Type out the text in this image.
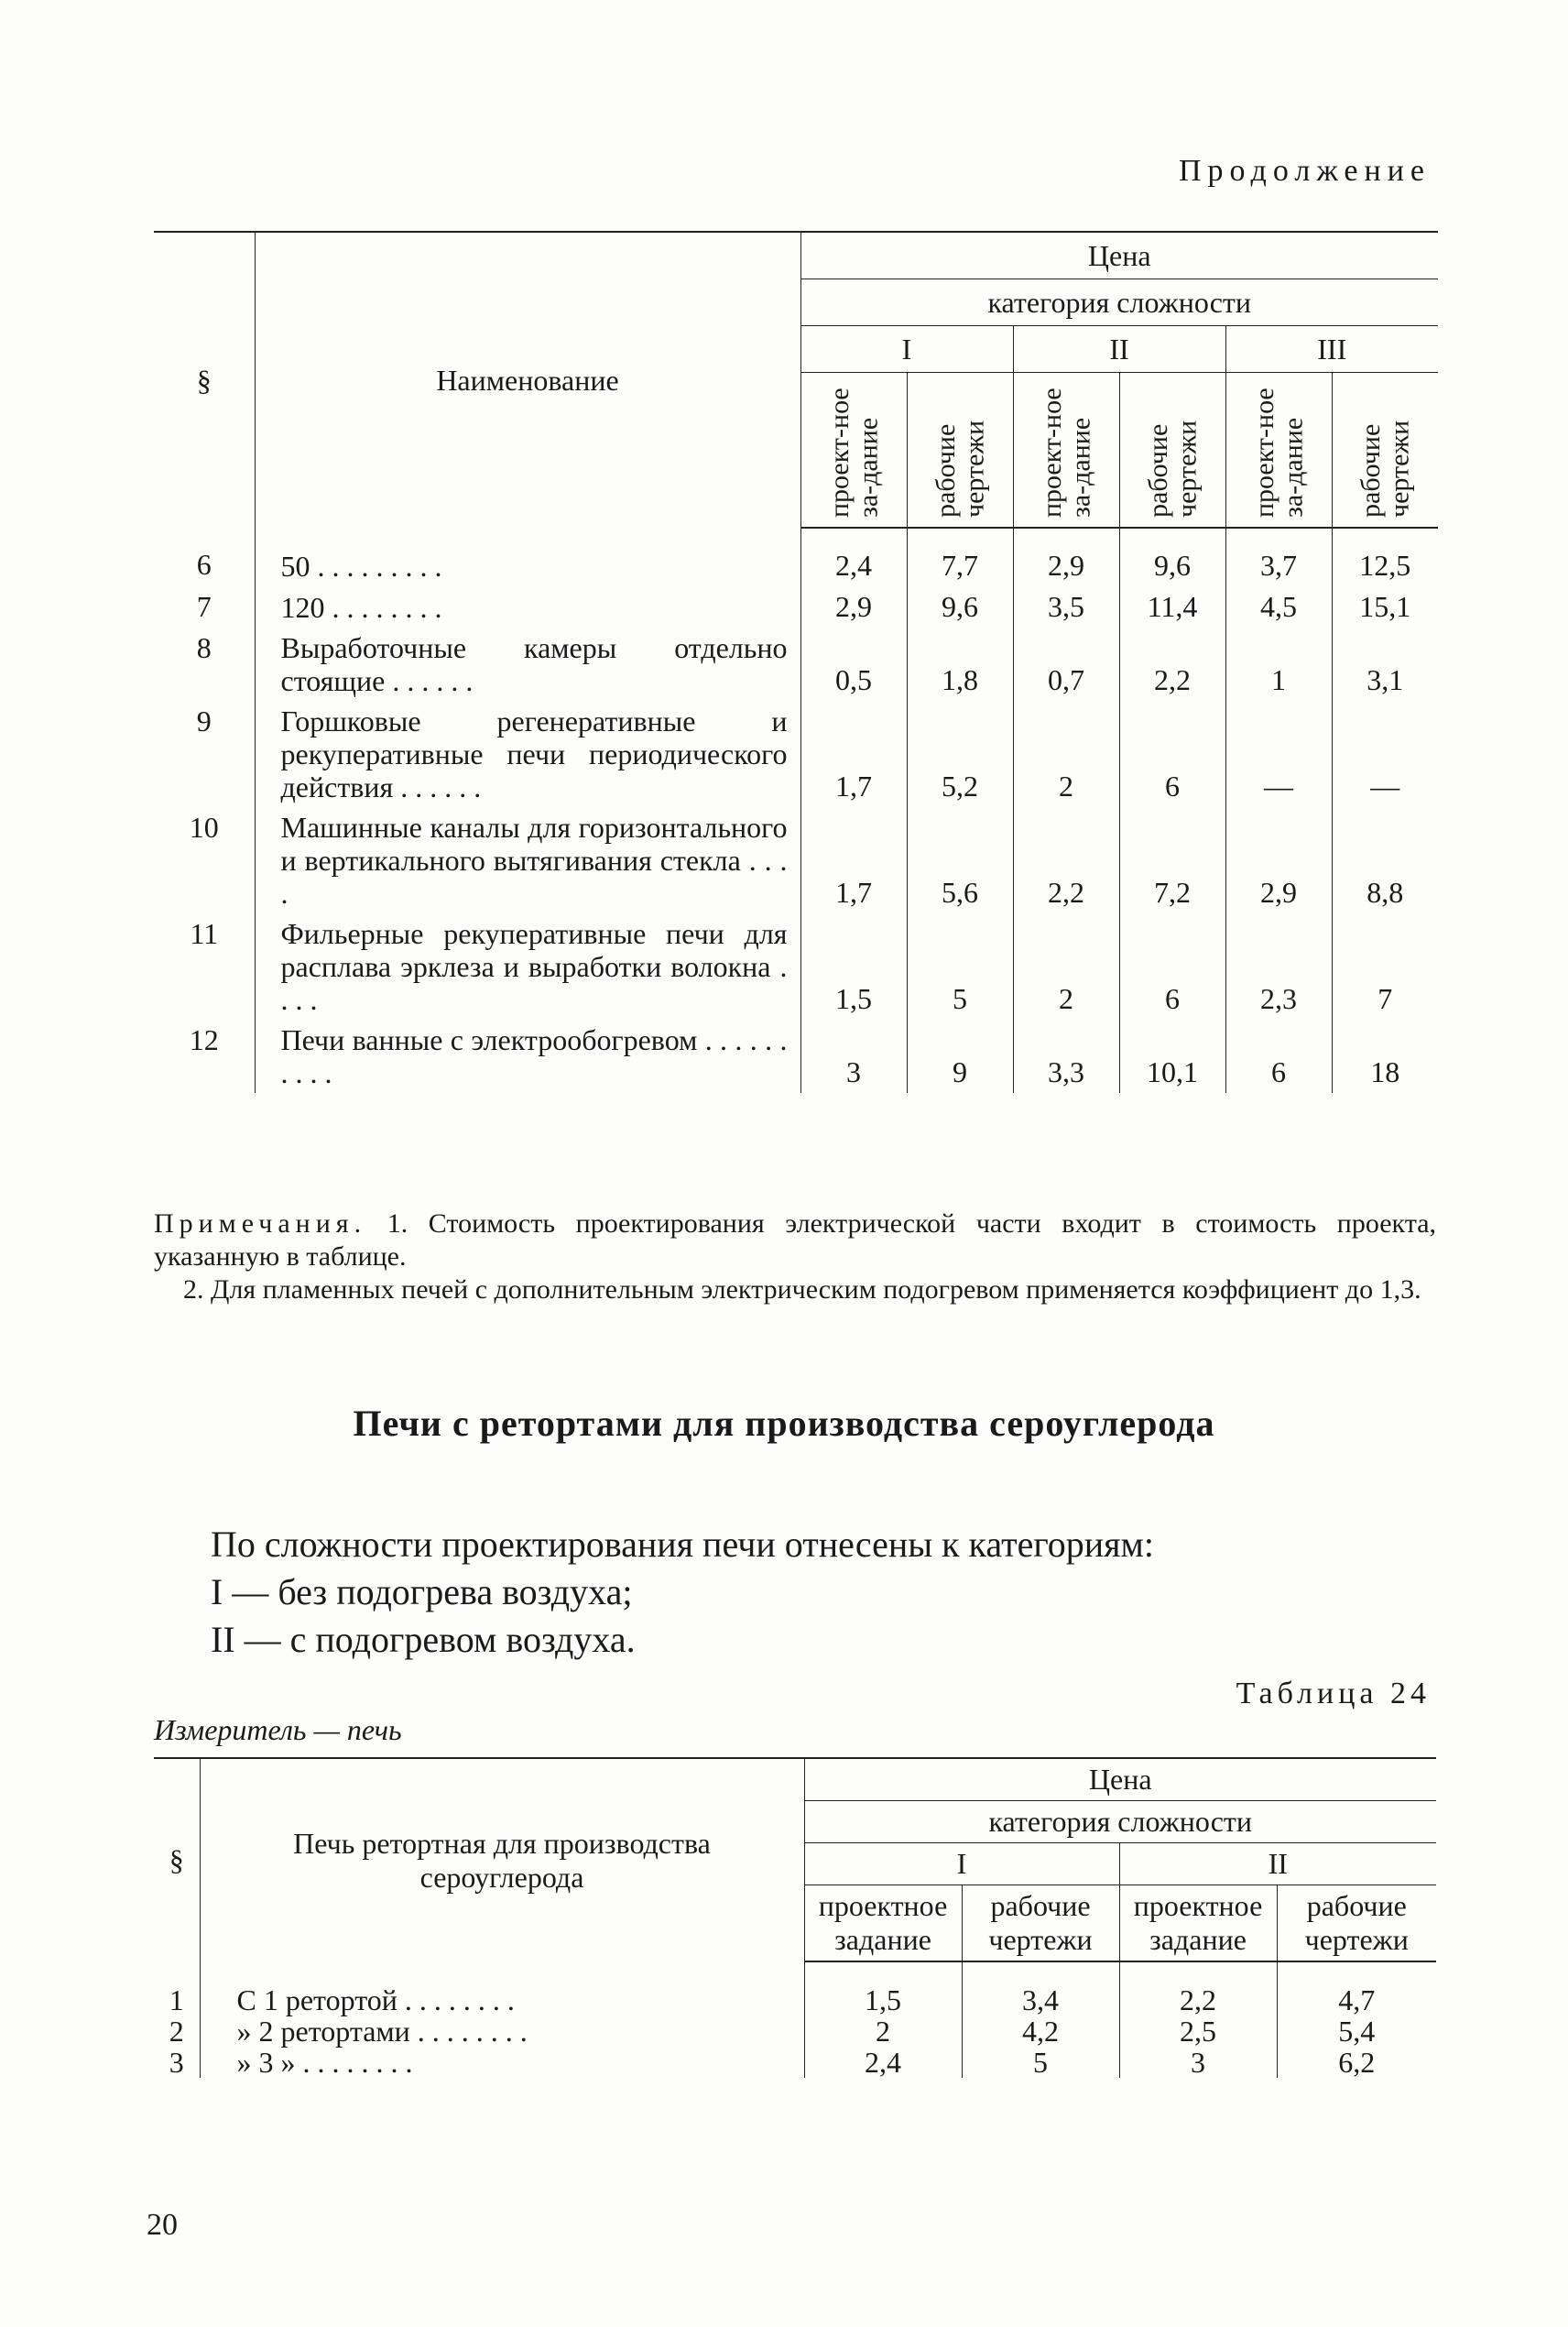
Продолжение
§	Наименование	Цена					
		категория сложности					
		I		II		III	

		проект-ное за-дание	рабочие чертежи	проект-ное за-дание	рабочие чертежи	проект-ное за-дание	рабочие чертежи

6	50 . . . . . . . . .	2,4	7,7	2,9	9,6	3,7	12,5
7	120 . . . . . . . .	2,9	9,6	3,5	11,4	4,5	15,1
8	Выработочные камеры отдельно стоящие . . . . . .	0,5	1,8	0,7	2,2	1	3,1
9	Горшковые регенеративные и рекуперативные печи периодического действия . . . . . .	1,7	5,2	2	6	—	—
10	Машинные каналы для горизонтального и вертикального вытягивания стекла . . . .	1,7	5,6	2,2	7,2	2,9	8,8
11	Фильерные рекуперативные печи для расплава эрклеза и выработки волокна . . . .	1,5	5	2	6	2,3	7
12	Печи ванные с электрообогревом . . . . . . . . . .	3	9	3,3	10,1	6	18

Примечания. 1. Стоимость проектирования электрической части входит в стоимость проекта, указанную в таблице.

2. Для пламенных печей с дополнительным электрическим подогревом применяется коэффициент до 1,3.

Печи с ретортами для производства сероуглерода

По сложности проектирования печи отнесены к категориям:

I — без подогрева воздуха;

II — с подогревом воздуха.

Таблица 24
Измеритель — печь
§	Печь ретортная для производства сероуглерода	Цена			
		категория сложности			
		I		II	
		проектное задание	рабочие чертежи	проектное задание	рабочие чертежи
1	С 1 ретортой . . . . . . . .	1,5	3,4	2,2	4,7
2	» 2 ретортами . . . . . . . .	2	4,2	2,5	5,4
3	» 3 » . . . . . . . .	2,4	5	3	6,2
20
